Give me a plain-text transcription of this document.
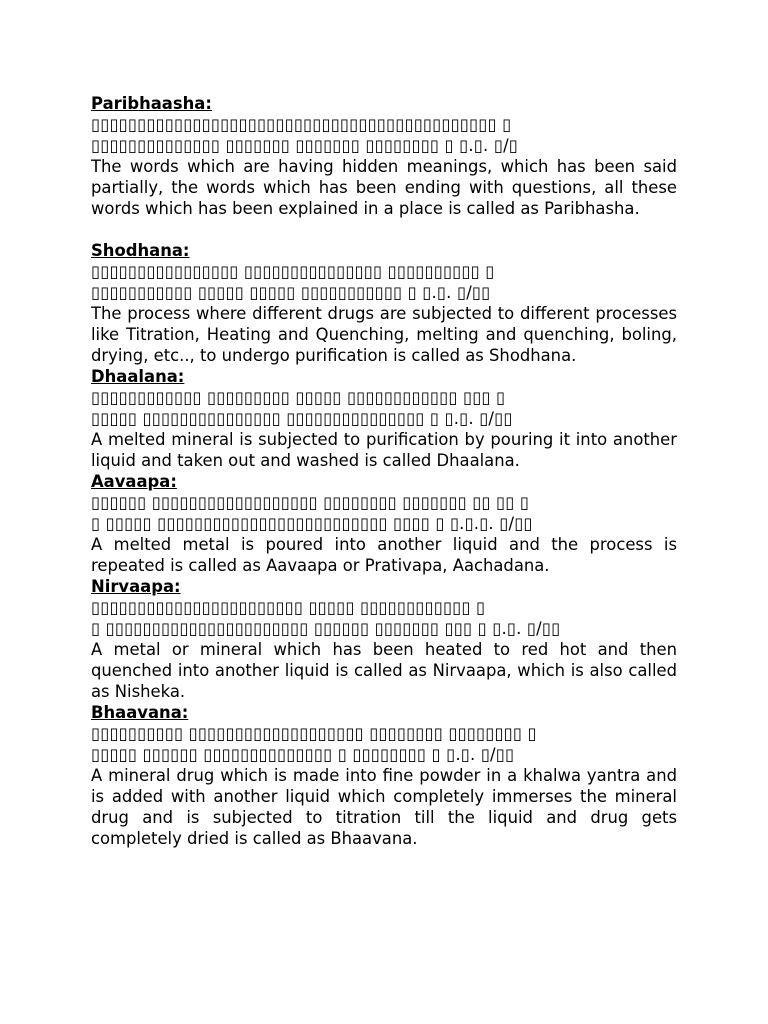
Paribhaasha:

▯▯▯▯▯▯▯▯▯▯▯▯▯▯▯▯▯▯▯▯▯▯▯▯▯▯▯▯▯▯▯▯▯▯▯▯▯▯▯▯▯▯▯▯ ▯

▯▯▯▯▯▯▯▯▯▯▯▯▯▯ ▯▯▯▯▯▯▯ ▯▯▯▯▯▯▯ ▯▯▯▯▯▯▯▯ ▯ ▯.▯. ▯/▯

The words which are having hidden meanings, which has been said partially, the words which has been ending with questions, all these words which has been explained in a place is called as Paribhasha.

Shodhana:

▯▯▯▯▯▯▯▯▯▯▯▯▯▯▯▯ ▯▯▯▯▯▯▯▯▯▯▯▯▯▯▯ ▯▯▯▯▯▯▯▯▯▯ ▯

▯▯▯▯▯▯▯▯▯▯▯ ▯▯▯▯▯ ▯▯▯▯▯ ▯▯▯▯▯▯▯▯▯▯▯ ▯ ▯.▯. ▯/▯▯

The process where different drugs are subjected to different processes like Titration, Heating and Quenching, melting and quenching, boling, drying, etc.., to undergo purification is called as Shodhana.

Dhaalana:

▯▯▯▯▯▯▯▯▯▯▯▯ ▯▯▯▯▯▯▯▯▯ ▯▯▯▯▯ ▯▯▯▯▯▯▯▯▯▯▯▯ ▯▯▯ ▯

▯▯▯▯▯ ▯▯▯▯▯▯▯▯▯▯▯▯▯▯▯ ▯▯▯▯▯▯▯▯▯▯▯▯▯▯▯ ▯ ▯.▯. ▯/▯▯

A melted mineral is subjected to purification by pouring it into another liquid and taken out and washed is called Dhaalana.

Aavaapa:

▯▯▯▯▯▯ ▯▯▯▯▯▯▯▯▯▯▯▯▯▯▯▯▯▯ ▯▯▯▯▯▯▯▯ ▯▯▯▯▯▯▯ ▯▯ ▯▯ ▯

▯ ▯▯▯▯▯ ▯▯▯▯▯▯▯▯▯▯▯▯▯▯▯▯▯▯▯▯▯▯▯▯▯ ▯▯▯▯ ▯ ▯.▯.▯. ▯/▯▯

A melted metal is poured into another liquid and the process is repeated is called as Aavaapa or Prativapa, Aachadana.

Nirvaapa:

▯▯▯▯▯▯▯▯▯▯▯▯▯▯▯▯▯▯▯▯▯▯▯ ▯▯▯▯▯ ▯▯▯▯▯▯▯▯▯▯▯▯ ▯

▯ ▯▯▯▯▯▯▯▯▯▯▯▯▯▯▯▯▯▯▯▯▯▯ ▯▯▯▯▯▯ ▯▯▯▯▯▯▯ ▯▯▯ ▯ ▯.▯. ▯/▯▯

A metal or mineral which has been heated to red hot and then quenched into another liquid is called as Nirvaapa, which is also called as Nisheka.

Bhaavana:

▯▯▯▯▯▯▯▯▯▯ ▯▯▯▯▯▯▯▯▯▯▯▯▯▯▯▯▯▯▯ ▯▯▯▯▯▯▯▯ ▯▯▯▯▯▯▯▯ ▯

▯▯▯▯▯ ▯▯▯▯▯▯ ▯▯▯▯▯▯▯▯▯▯▯▯▯▯ ▯ ▯▯▯▯▯▯▯▯ ▯ ▯.▯. ▯/▯▯

A mineral drug which is made into fine powder in a khalwa yantra and is added with another liquid which completely immerses the mineral drug and is subjected to titration till the liquid and drug gets completely dried is called as Bhaavana.
